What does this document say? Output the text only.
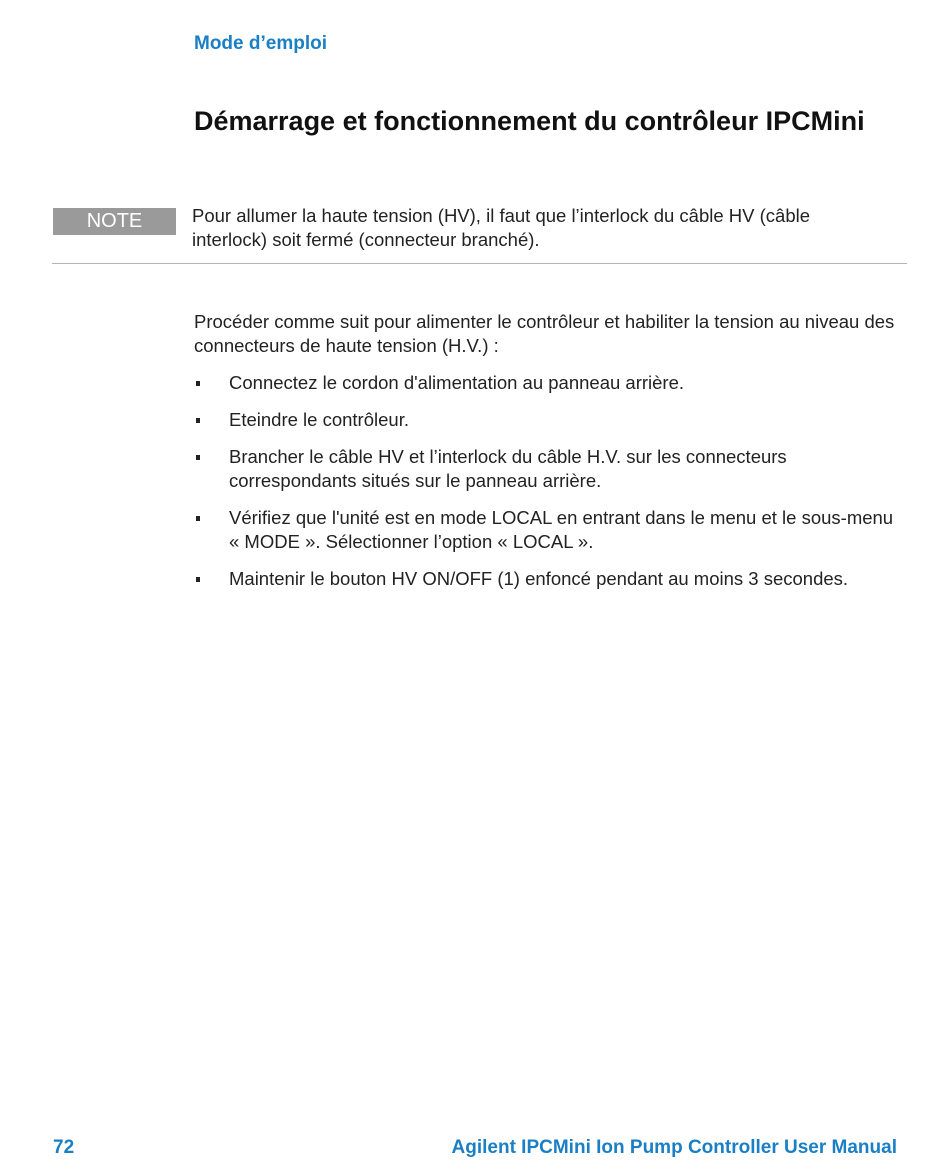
Mode d’emploi
Démarrage et fonctionnement du contrôleur IPCMini
NOTE	Pour allumer la haute tension (HV), il faut que l’interlock du câble HV (câble interlock) soit fermé (connecteur branché).
Procéder comme suit pour alimenter le contrôleur et habiliter la tension au niveau des connecteurs de haute tension (H.V.) :
Connectez le cordon d'alimentation au panneau arrière.
Eteindre le contrôleur.
Brancher le câble HV et l’interlock du câble H.V. sur les connecteurs correspondants situés sur le panneau arrière.
Vérifiez que l'unité est en mode LOCAL en entrant dans le menu et le sous-menu « MODE ». Sélectionner l’option « LOCAL ».
Maintenir le bouton HV ON/OFF (1) enfoncé pendant au moins 3 secondes.
72	Agilent IPCMini Ion Pump Controller User Manual
